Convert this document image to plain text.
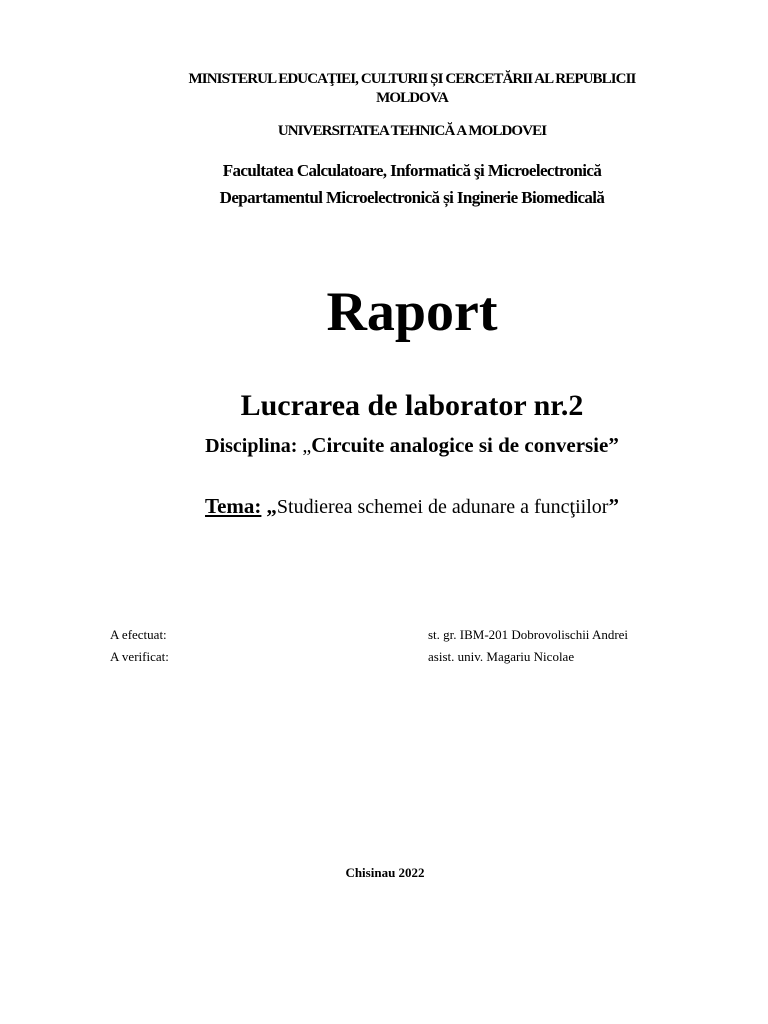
MINISTERUL EDUCAŢIEI, CULTURII ȘI CERCETĂRII AL REPUBLICII
MOLDOVA
UNIVERSITATEA TEHNICĂ A MOLDOVEI
Facultatea Calculatoare, Informatică şi Microelectronică
Departamentul Microelectronică și Inginerie Biomedicală
Raport
Lucrarea de laborator nr.2
Disciplina: „Circuite analogice si de conversie”
Tema: „Studierea schemei de adunare a funcţiilor”
A efectuat:	st. gr. IBM-201 Dobrovolischii Andrei
A verificat:	asist. univ. Magariu Nicolae
Chisinau 2022
